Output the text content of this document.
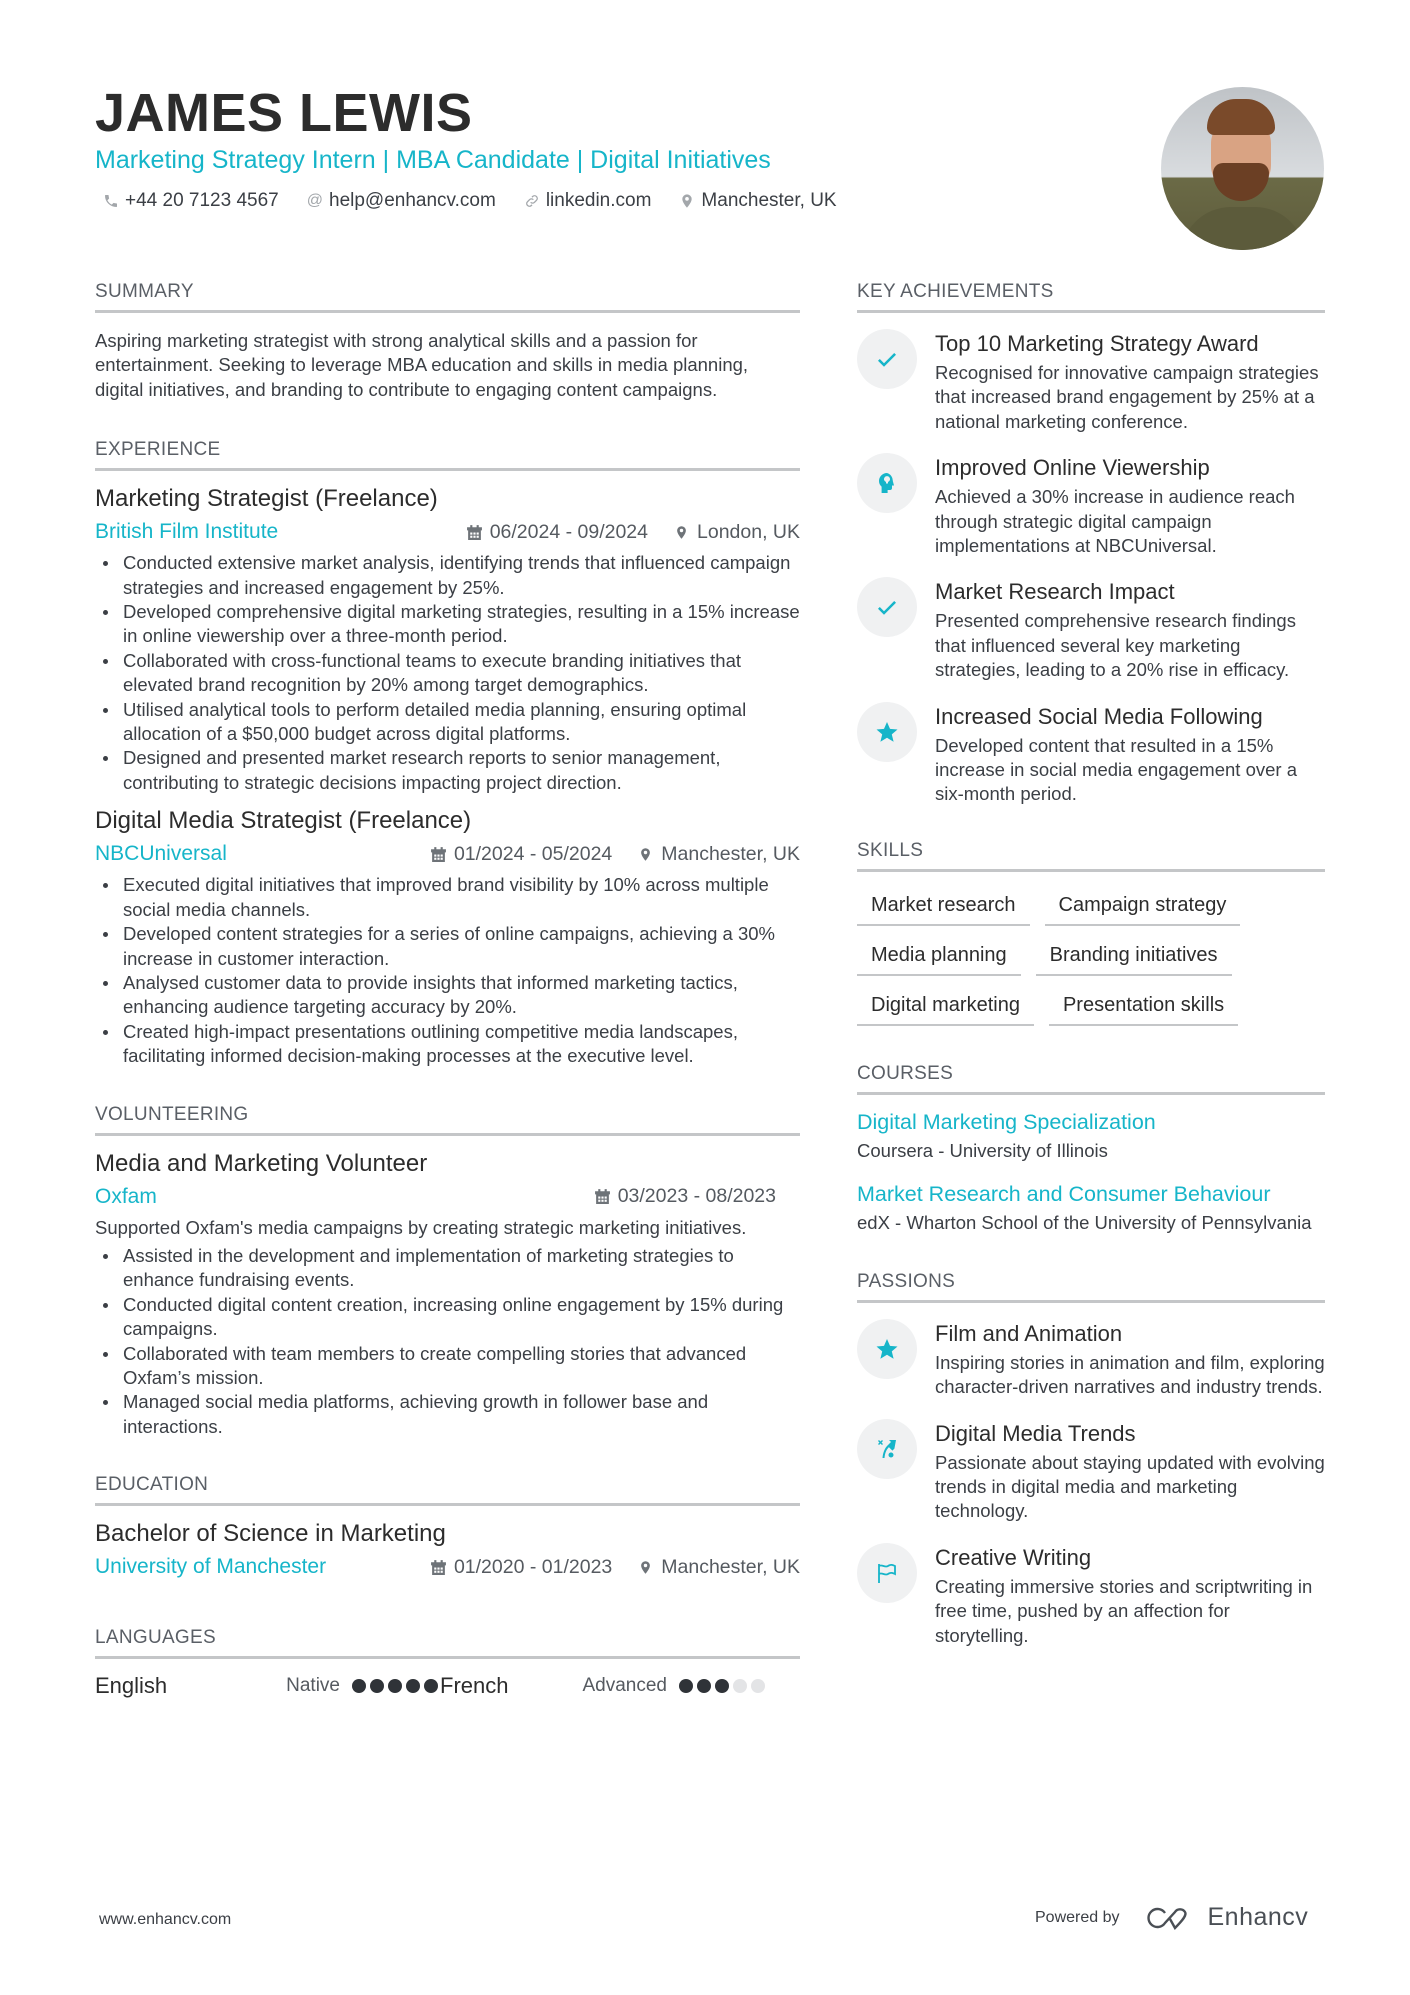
JAMES LEWIS
Marketing Strategy Intern | MBA Candidate | Digital Initiatives
+44 20 7123 4567 @ help@enhancv.com	linkedin.com	Manchester, UK
SUMMARY
Aspiring marketing strategist with strong analytical skills and a passion for entertainment. Seeking to leverage MBA education and skills in media planning, digital initiatives, and branding to contribute to engaging content campaigns.
EXPERIENCE
Marketing Strategist (Freelance)
British Film Institute	06/2024 - 09/2024	London, UK
Conducted extensive market analysis, identifying trends that influenced campaign strategies and increased engagement by 25%.
Developed comprehensive digital marketing strategies, resulting in a 15% increase in online viewership over a three-month period.
Collaborated with cross-functional teams to execute branding initiatives that elevated brand recognition by 20% among target demographics.
Utilised analytical tools to perform detailed media planning, ensuring optimal allocation of a $50,000 budget across digital platforms.
Designed and presented market research reports to senior management, contributing to strategic decisions impacting project direction.
Digital Media Strategist (Freelance)
NBCUniversal	01/2024 - 05/2024	Manchester, UK
Executed digital initiatives that improved brand visibility by 10% across multiple social media channels.
Developed content strategies for a series of online campaigns, achieving a 30% increase in customer interaction.
Analysed customer data to provide insights that informed marketing tactics, enhancing audience targeting accuracy by 20%.
Created high-impact presentations outlining competitive media landscapes, facilitating informed decision-making processes at the executive level.
VOLUNTEERING
Media and Marketing Volunteer
Oxfam	03/2023 - 08/2023
Supported Oxfam's media campaigns by creating strategic marketing initiatives.
Assisted in the development and implementation of marketing strategies to enhance fundraising events.
Conducted digital content creation, increasing online engagement by 15% during campaigns.
Collaborated with team members to create compelling stories that advanced Oxfam’s mission.
Managed social media platforms, achieving growth in follower base and interactions.
EDUCATION
Bachelor of Science in Marketing
University of Manchester	01/2020 - 01/2023	Manchester, UK
LANGUAGES
English	Native	French	Advanced
KEY ACHIEVEMENTS
Top 10 Marketing Strategy Award
Recognised for innovative campaign strategies that increased brand engagement by 25% at a national marketing conference.
Improved Online Viewership
Achieved a 30% increase in audience reach through strategic digital campaign implementations at NBCUniversal.
Market Research Impact
Presented comprehensive research findings that influenced several key marketing strategies, leading to a 20% rise in efficacy.
Increased Social Media Following
Developed content that resulted in a 15% increase in social media engagement over a six-month period.
SKILLS
Market research	Campaign strategy
Media planning	Branding initiatives
Digital marketing	Presentation skills
COURSES
Digital Marketing Specialization
Coursera - University of Illinois
Market Research and Consumer Behaviour
edX - Wharton School of the University of Pennsylvania
PASSIONS
Film and Animation
Inspiring stories in animation and film, exploring character-driven narratives and industry trends.
Digital Media Trends
Passionate about staying updated with evolving trends in digital media and marketing technology.
Creative Writing
Creating immersive stories and scriptwriting in free time, pushed by an affection for storytelling.
www.enhancv.com	Powered by	Enhancv
